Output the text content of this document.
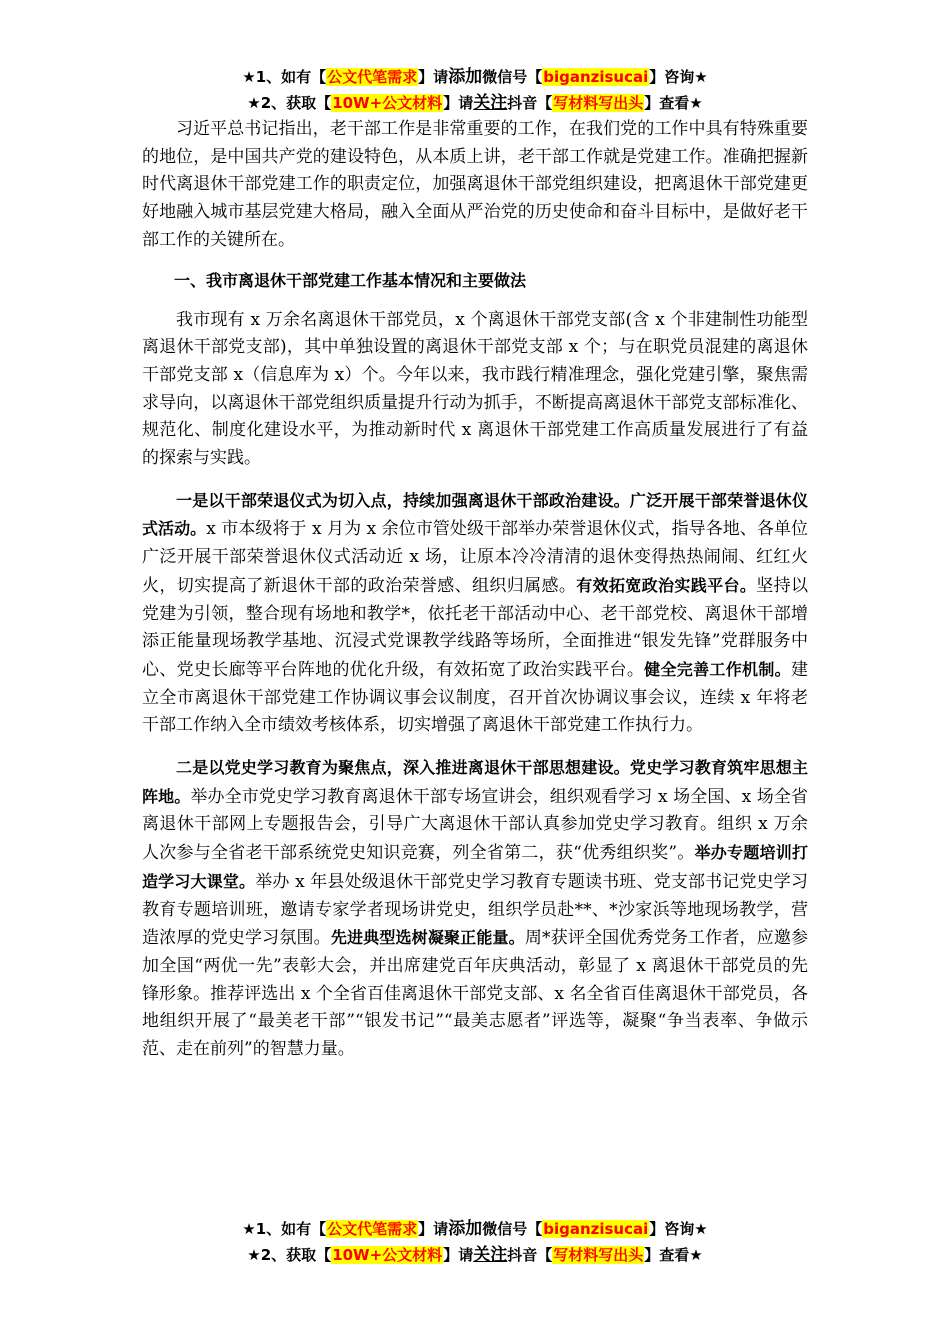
★1、如有【公文代笔需求】请添加微信号【biganzisucai】咨询★
★2、获取【10W+公文材料】请关注抖音【写材料写出头】查看★

习近平总书记指出，老干部工作是非常重要的工作，在我们党的工作中具有特殊重要的地位，是中国共产党的建设特色，从本质上讲，老干部工作就是党建工作。准确把握新时代离退休干部党建工作的职责定位，加强离退休干部党组织建设，把离退休干部党建更好地融入城市基层党建大格局，融入全面从严治党的历史使命和奋斗目标中，是做好老干部工作的关键所在。

一、我市离退休干部党建工作基本情况和主要做法

我市现有 x 万余名离退休干部党员，x 个离退休干部党支部(含 x 个非建制性功能型离退休干部党支部)，其中单独设置的离退休干部党支部 x 个；与在职党员混建的离退休干部党支部 x（信息库为 x）个。今年以来，我市践行精准理念，强化党建引擎，聚焦需求导向，以离退休干部党组织质量提升行动为抓手，不断提高离退休干部党支部标准化、规范化、制度化建设水平，为推动新时代 x 离退休干部党建工作高质量发展进行了有益的探索与实践。

一是以干部荣退仪式为切入点，持续加强离退休干部政治建设。广泛开展干部荣誉退休仪式活动。x 市本级将于 x 月为 x 余位市管处级干部举办荣誉退休仪式，指导各地、各单位广泛开展干部荣誉退休仪式活动近 x 场，让原本冷冷清清的退休变得热热闹闹、红红火火，切实提高了新退休干部的政治荣誉感、组织归属感。有效拓宽政治实践平台。坚持以党建为引领，整合现有场地和教学*，依托老干部活动中心、老干部党校、离退休干部增添正能量现场教学基地、沉浸式党课教学线路等场所，全面推进“银发先锋”党群服务中心、党史长廊等平台阵地的优化升级，有效拓宽了政治实践平台。健全完善工作机制。建立全市离退休干部党建工作协调议事会议制度，召开首次协调议事会议，连续 x 年将老干部工作纳入全市绩效考核体系，切实增强了离退休干部党建工作执行力。

二是以党史学习教育为聚焦点，深入推进离退休干部思想建设。党史学习教育筑牢思想主阵地。举办全市党史学习教育离退休干部专场宣讲会，组织观看学习 x 场全国、x 场全省离退休干部网上专题报告会，引导广大离退休干部认真参加党史学习教育。组织 x 万余人次参与全省老干部系统党史知识竞赛，列全省第二，获“优秀组织奖”。举办专题培训打造学习大课堂。举办 x 年县处级退休干部党史学习教育专题读书班、党支部书记党史学习教育专题培训班，邀请专家学者现场讲党史，组织学员赴**、*沙家浜等地现场教学，营造浓厚的党史学习氛围。先进典型选树凝聚正能量。周*获评全国优秀党务工作者，应邀参加全国“两优一先”表彰大会，并出席建党百年庆典活动，彰显了 x 离退休干部党员的先锋形象。推荐评选出 x 个全省百佳离退休干部党支部、x 名全省百佳离退休干部党员，各地组织开展了“最美老干部”“银发书记”“最美志愿者”评选等，凝聚“争当表率、争做示范、走在前列”的智慧力量。

★1、如有【公文代笔需求】请添加微信号【biganzisucai】咨询★
★2、获取【10W+公文材料】请关注抖音【写材料写出头】查看★
